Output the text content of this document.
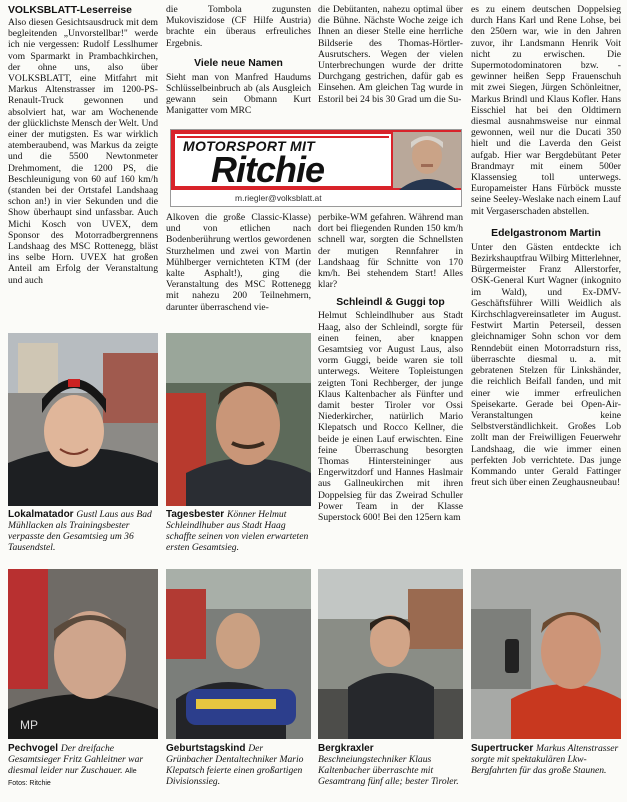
VOLKSBLATT-Leserreise

Also diesen Gesichtsausdruck mit dem begleitenden „Unvorstellbar!" werde ich nie vergessen: Rudolf Lesslhumer vom Sparmarkt in Prambachkirchen, der ohne uns, also über VOLKSBLATT, eine Mitfahrt mit Markus Altenstrasser im 1200-PS-Renault-Truck gewonnen und absolviert hat, war am Wochenende der glücklichste Mensch der Welt. Und einer der mutigsten. Es war wirklich atemberaubend, was Markus da zeigte und die 5500 Newtonmeter Drehmoment, die 1200 PS, die Beschleunigung von 60 auf 160 km/h (standen bei der Ortstafel Landshaag schon an!) in vier Sekunden und die Show überhaupt sind unfassbar. Auch Michi Kosch von UVEX, dem Sponsor des Motorradbergrennens Landshaag des MSC Rottenegg, bläst ins selbe Horn. UVEX hat großen Anteil am Erfolg der Veranstaltung und auch

die Tombola zugunsten Mukoviszidose (CF Hilfe Austria) brachte ein überaus erfreuliches Ergebnis.

Viele neue Namen

Sieht man von Manfred Haudums Schlüsselbeinbruch ab (als Ausgleich gewann sein Obmann Kurt Manigatter vom MRC

die Debütanten, nahezu optimal über die Bühne. Nächste Woche zeige ich Ihnen an dieser Stelle eine herrliche Bildserie des Thomas-Hörtler-Ausrutschers. Wegen der vielen Unterbrechungen wurde der dritte Durchgang gestrichen, dafür gab es Einsehen. Am gleichen Tag wurde in Estoril bei 24 bis 30 Grad um die Su-

MOTORSPORT MIT
Ritchie
m.riegler@volksblatt.at

Alkoven die große Classic-Klasse) und von etlichen nach Bodenberührung wertlos gewordenen Sturzhelmen und zwei von Martin Mühlberger vernichteten KTM (der kalte Asphalt!), ging die Veranstaltung des MSC Rottenegg mit nahezu 200 Teilnehmern, darunter überraschend vie-

perbike-WM gefahren. Während man dort bei fliegenden Runden 150 km/h schnell war, sorgten die Schnellsten der mutigen Rennfahrer in Landshaag für Schnitte von 170 km/h. Bei stehendem Start! Alles klar?

Schleindl & Guggi top

Helmut Schleindlhuber aus Stadt Haag, also der Schleindl, sorgte für einen feinen, aber knappen Gesamtsieg vor August Laus, also vorm Guggi, beide waren sie toll unterwegs. Weitere Topleistungen zeigten Toni Rechberger, der junge Klaus Kaltenbacher als Fünfter und damit bester Tiroler vor Ossi Niederkircher, natürlich Mario Klepatsch und Rocco Kellner, die beide je einen Lauf erwischten. Eine feine Überraschung besorgten Thomas Hintersteininger aus Engerwitzdorf und Hannes Haslmair aus Gallneukirchen mit ihren Doppelsieg für das Zweirad Schuller Power Team in der Klasse Superstock 600! Bei den 125ern kam

es zu einem deutschen Doppelsieg durch Hans Karl und Rene Lohse, bei den 250ern war, wie in den Jahren zuvor, ihr Landsmann Henrik Voit nicht zu erwischen. Die Supermotodominatoren bzw. -gewinner heißen Sepp Frauenschuh mit zwei Siegen, Jürgen Schönleitner, Markus Brindl und Klaus Kofler. Hans Eisschiel hat bei den Oldtimern diesmal ausnahmsweise nur einmal gewonnen, weil nur die Ducati 350 hielt und die Laverda den Geist aufgab. Hier war Bergdebütant Peter Brandmayr mit einem 500er Klassensieg toll unterwegs. Europameister Hans Fürböck musste seine Seeley-Weslake nach einem Lauf mit Vergaserschaden abstellen.

Edelgastronom Martin

Unter den Gästen entdeckte ich Bezirkshauptfrau Wilbirg Mitterlehner, Bürgermeister Franz Allerstorfer, OSK-General Kurt Wagner (inkognito im Wald), und Ex-DMV-Geschäftsführer Willi Weidlich als Kirchschlagvereinsatleter im August. Festwirt Martin Peterseil, dessen gleichnamiger Sohn schon vor dem Renndebüt einen Motorradsturn riss, überraschte diesmal u. a. mit gebratenen Stelzen für Linkshänder, die reichlich Beifall fanden, und mit einer wie immer erfreulichen Speisekarte. Gerade bei Open-Air-Veranstaltungen keine Selbstverständlichkeit. Großes Lob zollt man der Freiwilligen Feuerwehr Landshaag, die wie immer einen perfekten Job verrichtete. Das junge Kommando unter Gerald Fattinger freut sich über einen Zeughausneubau!

Lokalmatador Gustl Laus aus Bad Mühllacken als Trainingsbester verpasste den Gesamtsieg um 36 Tausendstel.
Tagesbester Könner Helmut Schleindlhuber aus Stadt Haag schaffte seinen von vielen erwarteten ersten Gesamtsieg.
MP
Pechvogel Der dreifache Gesamtsieger Fritz Gahleitner war diesmal leider nur Zuschauer. Alle Fotos: Ritchie
Geburtstagskind Der Grünbacher Dentaltechniker Mario Klepatsch feierte einen großartigen Divisionssieg.
Bergkraxler Beschneiungstechniker Klaus Kaltenbacher überraschte mit Gesamtrang fünf alle; bester Tiroler.
Supertrucker Markus Altenstrasser sorgte mit spektakulären Lkw-Bergfahrten für das große Staunen.
